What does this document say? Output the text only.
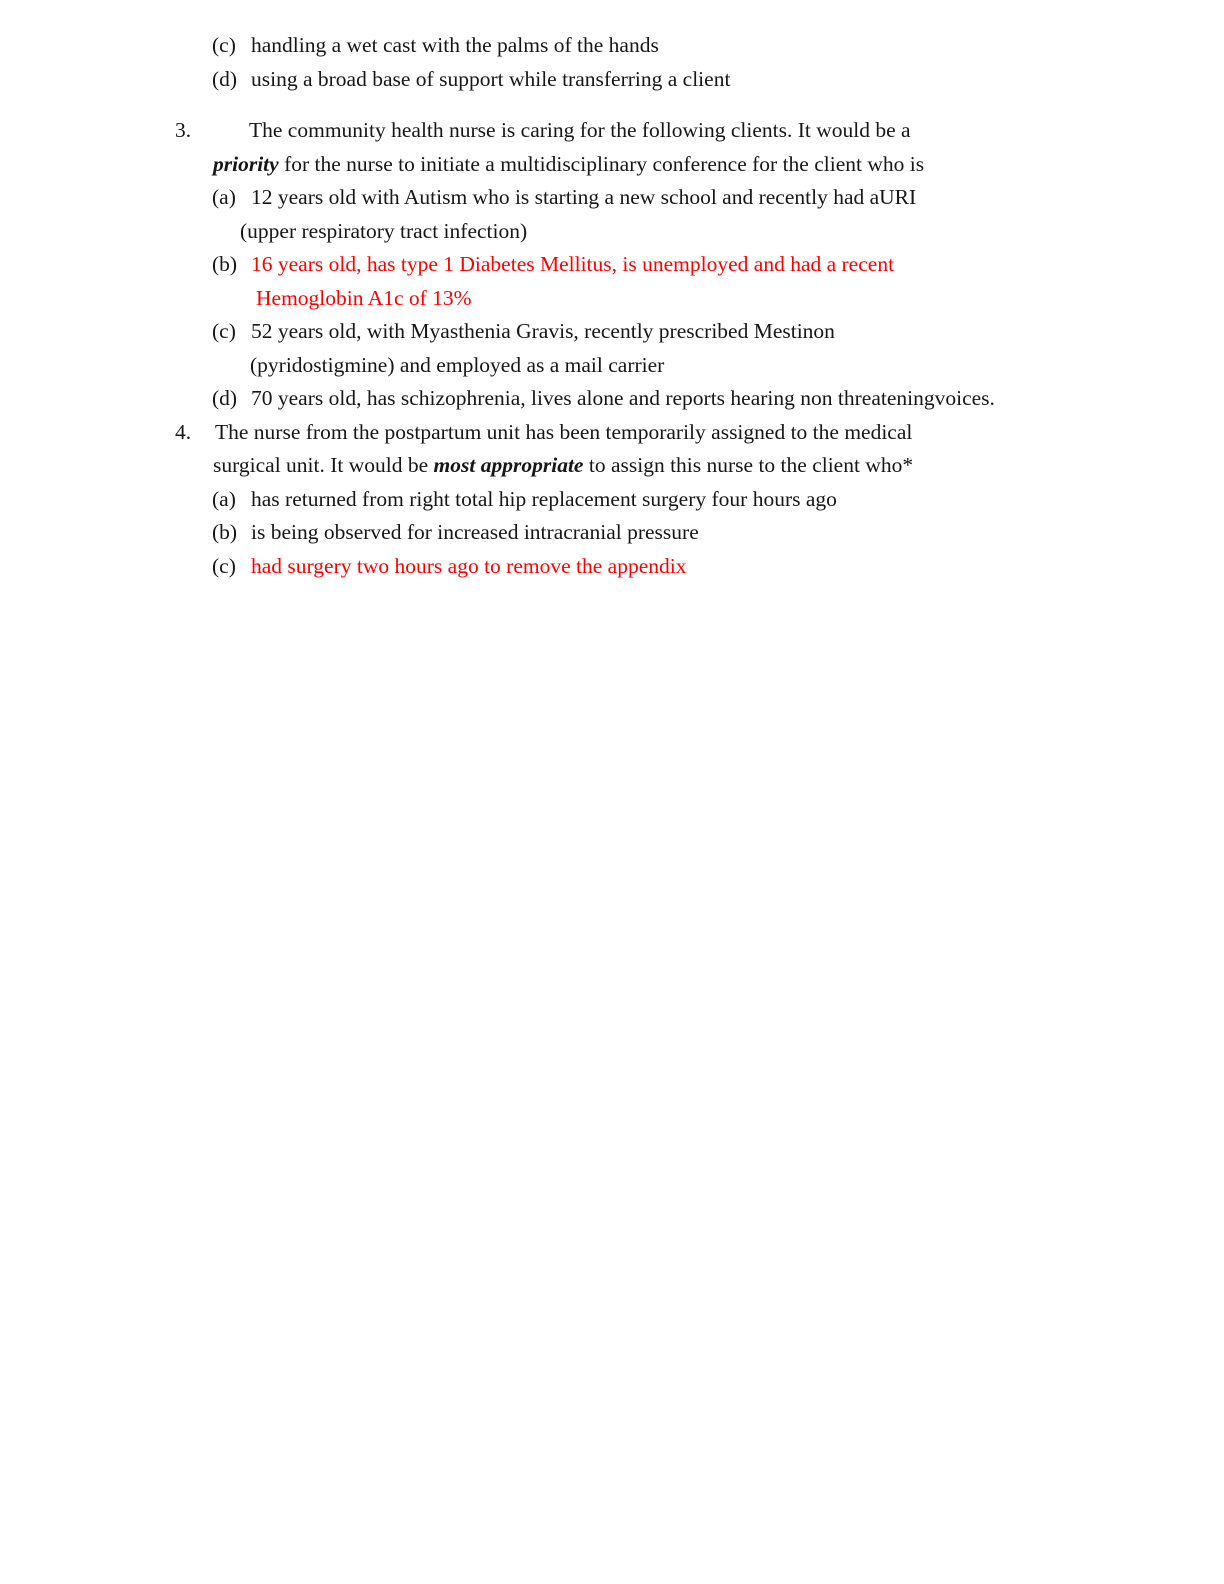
(c) handling a wet cast with the palms of the hands
(d) using a broad base of support while transferring a client
3.	The community health nurse is caring for the following clients. It would be a
priority for the nurse to initiate a multidisciplinary conference for the client who is
(a) 12 years old with Autism who is starting a new school and recently had aURI
(upper respiratory tract infection)
(b) 16 years old, has type 1 Diabetes Mellitus, is unemployed and had a recent
Hemoglobin A1c of 13%
(c) 52 years old, with Myasthenia Gravis, recently prescribed Mestinon
(pyridostigmine) and employed as a mail carrier
(d) 70 years old, has schizophrenia, lives alone and reports hearing non threateningvoices.
4. The nurse from the postpartum unit has been temporarily assigned to the medical
surgical unit. It would be most appropriate to assign this nurse to the client who*
(a) has returned from right total hip replacement surgery four hours ago
(b) is being observed for increased intracranial pressure
(c) had surgery two hours ago to remove the appendix
